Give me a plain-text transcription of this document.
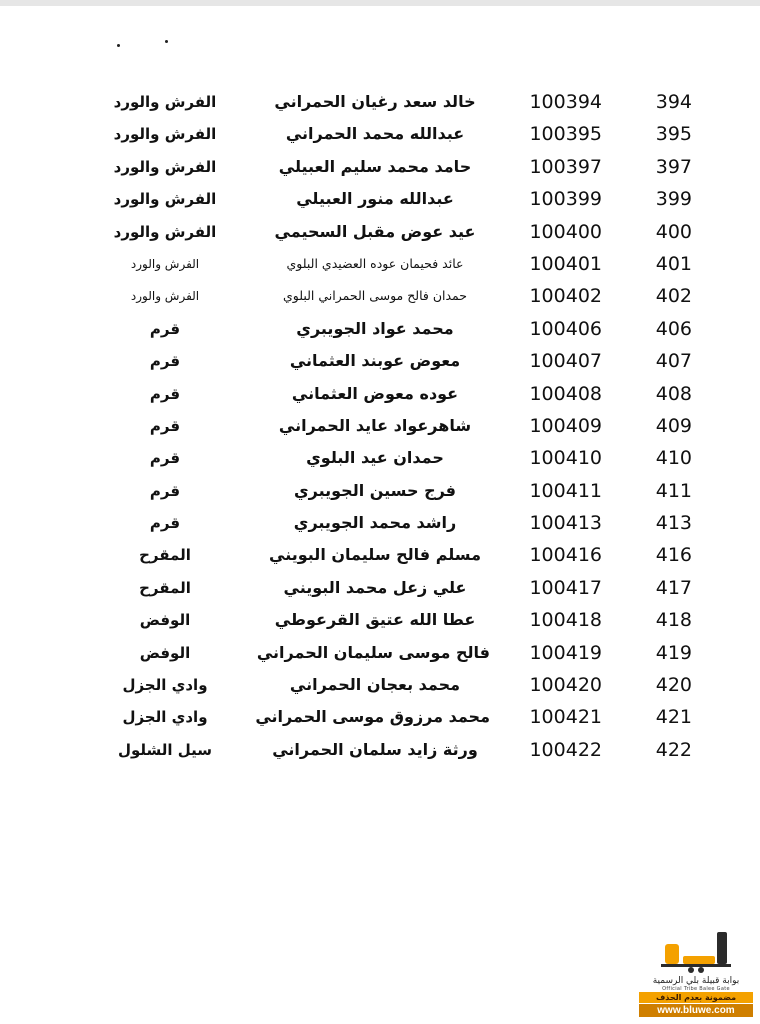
394
100394
خالد سعد رغيان الحمراني
الفرش والورد
395
100395
عبدالله محمد الحمراني
الفرش والورد
397
100397
حامد محمد سليم العبيلي
الفرش والورد
399
100399
عبدالله منور العبيلي
الفرش والورد
400
100400
عيد عوض مقبل السحيمي
الفرش والورد
401
100401
عائد فحيمان عوده العضيدي البلوي
الفرش والورد
402
100402
حمدان فالح موسى الحمراني البلوي
الفرش والورد
406
100406
محمد عواد الجويبري
قرم
407
100407
معوض عوبند العثماني
قرم
408
100408
عوده معوض العثماني
قرم
409
100409
شاهرعواد عايد الحمراني
قرم
410
100410
حمدان عيد البلوي
قرم
411
100411
فرج حسين الجويبري
قرم
413
100413
راشد محمد الجويبري
قرم
416
100416
مسلم فالح سليمان البويني
المقرح
417
100417
علي زعل محمد البويني
المقرح
418
100418
عطا الله عتيق القرعوطي
الوفض
419
100419
فالح موسى سليمان الحمراني
الوفض
420
100420
محمد بعجان الحمراني
وادي الجزل
421
100421
محمد مرزوق موسى الحمراني
وادي الجزل
422
100422
ورثة زايد سلمان الحمراني
سيل الشلول
بوابة قبيلة بلي الرسمية
Official Tribe Balee Gate
مضمونة بعدم الحذف
www.bluwe.com
